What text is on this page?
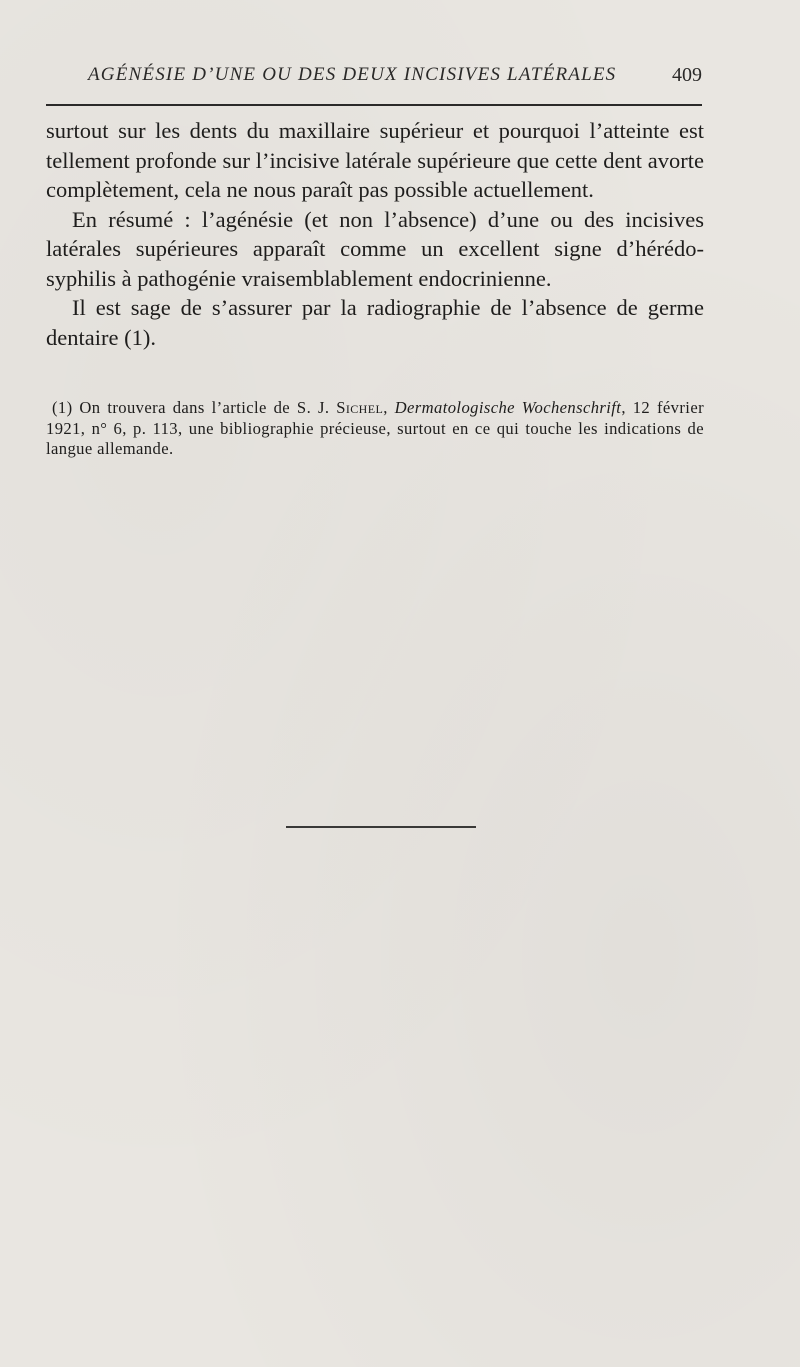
AGÉNÉSIE D’UNE OU DES DEUX INCISIVES LATÉRALES	409

surtout sur les dents du maxillaire supérieur et pourquoi l’atteinte est tellement profonde sur l’incisive latérale supérieure que cette dent avorte complètement, cela ne nous paraît pas possible actuellement.

En résumé : l’agénésie (et non l’absence) d’une ou des incisives latérales supérieures apparaît comme un excellent signe d’hérédo-syphilis à pathogénie vraisemblablement endocrinienne.

Il est sage de s’assurer par la radiographie de l’absence de germe dentaire (1).

(1) On trouvera dans l’article de S. J. Sichel, Dermatologische Wochenschrift, 12 février 1921, n° 6, p. 113, une bibliographie précieuse, surtout en ce qui touche les indications de langue allemande.
